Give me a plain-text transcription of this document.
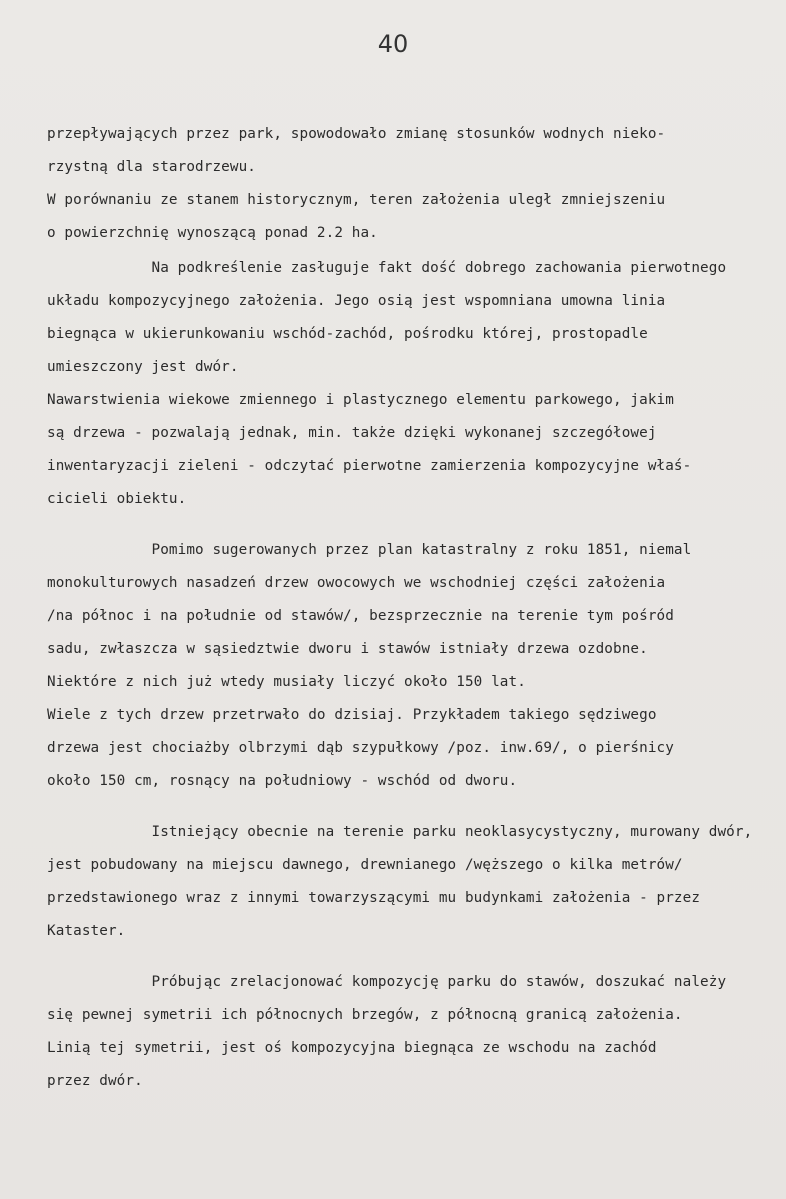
40
przepływających przez park, spowodowało zmianę stosunków wodnych nieko-
rzystną dla starodrzewu.
W porównaniu ze stanem historycznym, teren założenia uległ zmniejszeniu
o powierzchnię wynoszącą ponad 2.2 ha.
Na podkreślenie zasługuje fakt dość dobrego zachowania pierwotnego
układu kompozycyjnego założenia. Jego osią jest wspomniana umowna linia
biegnąca w ukierunkowaniu wschód-zachód, pośrodku której, prostopadle
umieszczony jest dwór.
Nawarstwienia wiekowe zmiennego i plastycznego elementu parkowego, jakim
są drzewa - pozwalają jednak, min. także dzięki wykonanej szczegółowej
inwentaryzacji zieleni - odczytać pierwotne zamierzenia kompozycyjne właś-
cicieli obiektu.
Pomimo sugerowanych przez plan katastralny z roku 1851, niemal
monokulturowych nasadzeń drzew owocowych we wschodniej części założenia
/na północ i na południe od stawów/, bezsprzecznie na terenie tym pośród
sadu, zwłaszcza w sąsiedztwie dworu i stawów istniały drzewa ozdobne.
Niektóre z nich już wtedy musiały liczyć około 150 lat.
Wiele z tych drzew przetrwało do dzisiaj. Przykładem takiego sędziwego
drzewa jest chociażby olbrzymi dąb szypułkowy /poz. inw.69/, o pierśnicy
około 150 cm, rosnący na południowy - wschód od dworu.
Istniejący obecnie na terenie parku neoklasycystyczny, murowany dwór,
jest pobudowany na miejscu dawnego, drewnianego /węższego o kilka metrów/
przedstawionego wraz z innymi towarzyszącymi mu budynkami założenia - przez
Kataster.
Próbując zrelacjonować kompozycję parku do stawów, doszukać należy
się pewnej symetrii ich północnych brzegów, z północną granicą założenia.
Linią tej symetrii, jest oś kompozycyjna biegnąca ze wschodu na zachód
przez dwór.
